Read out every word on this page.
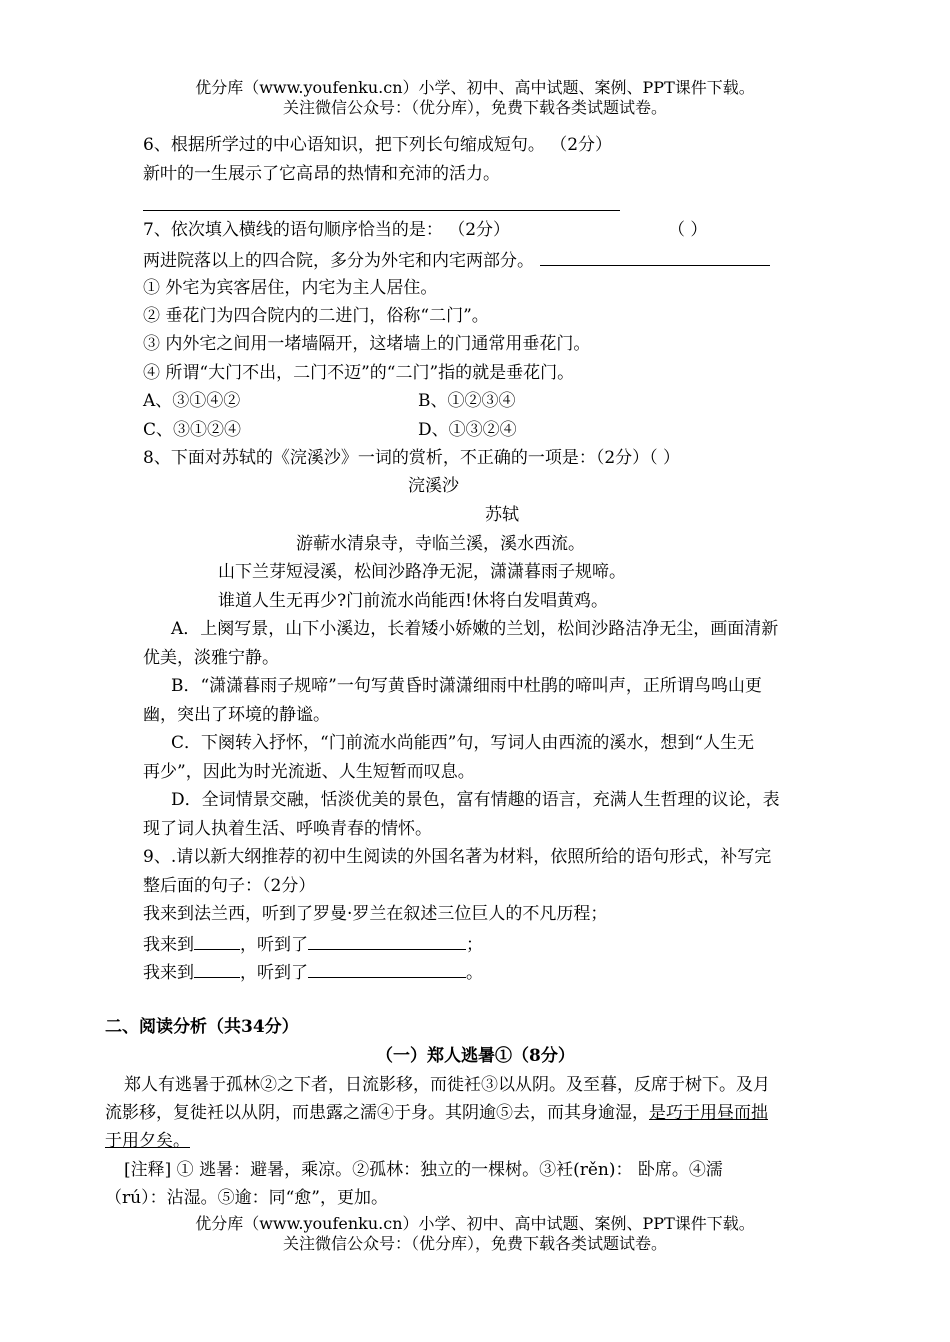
优分库（www.youfenku.cn）小学、初中、高中试题、案例、PPT课件下载。
关注微信公众号：（优分库），免费下载各类试题试卷。
6、根据所学过的中心语知识，把下列长句缩成短句。 （2分）
新叶的一生展示了它高昂的热情和充沛的活力。
7、依次填入横线的语句顺序恰当的是： （2分）	（ ）
两进院落以上的四合院，多分为外宅和内宅两部分。
① 外宅为宾客居住，内宅为主人居住。
② 垂花门为四合院内的二进门，俗称“二门”。
③ 内外宅之间用一堵墙隔开，这堵墙上的门通常用垂花门。
④ 所谓“大门不出，二门不迈”的“二门”指的就是垂花门。
A、③①④②	B、①②③④
C、③①②④	D、①③②④
8、下面对苏轼的《浣溪沙》一词的赏析，不正确的一项是：（2分）（ ）
浣溪沙
苏轼
游蕲水清泉寺，寺临兰溪，溪水西流。
山下兰芽短浸溪，松间沙路净无泥，潇潇暮雨子规啼。
谁道人生无再少?门前流水尚能西!休将白发唱黄鸡。
A．上阕写景，山下小溪边，长着矮小娇嫩的兰划，松间沙路洁净无尘，画面清新
优美，淡雅宁静。
B．“潇潇暮雨子规啼”一句写黄昏时潇潇细雨中杜鹃的啼叫声，正所谓鸟鸣山更
幽，突出了环境的静谧。
C．下阕转入抒怀，“门前流水尚能西”句，写词人由西流的溪水，想到“人生无
再少”，因此为时光流逝、人生短暂而叹息。
D．全词情景交融，恬淡优美的景色，富有情趣的语言，充满人生哲理的议论，表
现了词人执着生活、呼唤青春的情怀。
9、.请以新大纲推荐的初中生阅读的外国名著为材料，依照所给的语句形式，补写完
整后面的句子：（2分）
我来到法兰西，听到了罗曼·罗兰在叙述三位巨人的不凡历程；
我来到	，听到了	；
我来到	，听到了	。
二、阅读分析（共34分）
（一）郑人逃暑①（8分）
郑人有逃暑于孤林②之下者，日流影移，而徙衽③以从阴。及至暮，反席于树下。及月
流影移，复徙衽以从阴，而患露之濡④于身。其阴逾⑤去，而其身逾湿，是巧于用昼而拙
于用夕矣。
[注释] ① 逃暑：避暑，乘凉。②孤林：独立的一棵树。③衽(rěn)： 卧席。④濡
（rú）：沾湿。⑤逾：同“愈”，更加。
优分库（www.youfenku.cn）小学、初中、高中试题、案例、PPT课件下载。
关注微信公众号：（优分库），免费下载各类试题试卷。
